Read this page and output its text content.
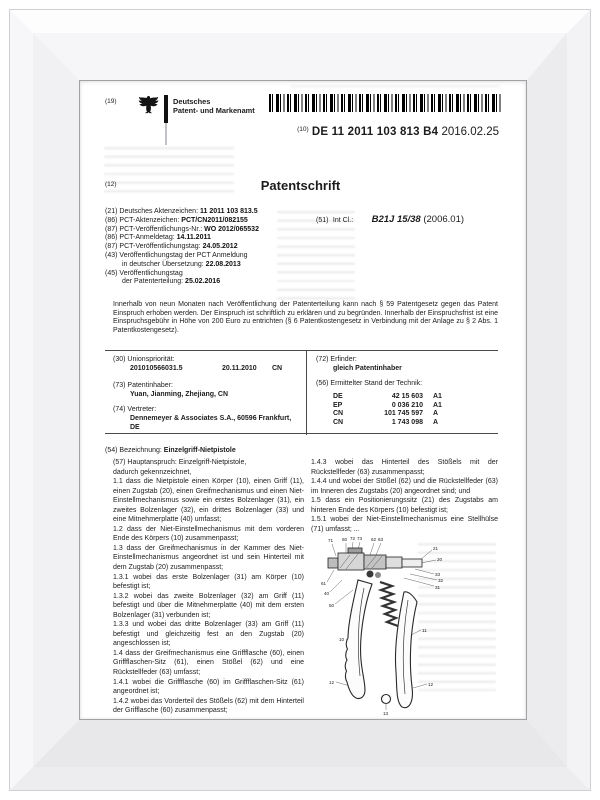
(19)	Deutsches
Patent- und Markenamt
$^{(10)}$ DE 11 2011 103 813 B4 2016.02.25
(12)	Patentschrift
(21) Deutsches Aktenzeichen: 11 2011 103 813.5
(86) PCT-Aktenzeichen: PCT/CN2011/082155
(87) PCT-Veröffentlichungs-Nr.: WO 2012/065532
(86) PCT-Anmeldetag: 14.11.2011
(87) PCT-Veröffentlichungstag: 24.05.2012
(43) Veröffentlichungstag der PCT Anmeldung
in deutscher Übersetzung: 22.08.2013
(45) Veröffentlichungstag
der Patenterteilung: 25.02.2016
(51) Int Cl.: B21J 15/38 (2006.01)
Innerhalb von neun Monaten nach Veröffentlichung der Patenterteilung kann nach § 59 Patentgesetz gegen das Patent Einspruch erhoben werden. Der Einspruch ist schriftlich zu erklären und zu begründen. Innerhalb der Einspruchsfrist ist eine Einspruchsgebühr in Höhe von 200 Euro zu entrichten (§ 6 Patentkostengesetz in Verbindung mit der Anlage zu § 2 Abs. 1 Patentkostengesetz).
(30) Unionspriorität:
201010566031.5	20.11.2010 CN
(73) Patentinhaber:
Yuan, Jianming, Zhejiang, CN
(74) Vertreter:
Dennemeyer & Associates S.A., 60596 Frankfurt,
DE
(72) Erfinder:
gleich Patentinhaber
(56) Ermittelter Stand der Technik:
DE	42 15 603 A1
EP	0 036 210 A1
CN	101 745 597 A
CN	1 743 098 A
(54) Bezeichnung: Einzelgriff-Nietpistole

(57) Hauptanspruch: Einzelgriff-Nietpistole,

dadurch gekennzeichnet,

1.1 dass die Nietpistole einen Körper (10), einen Griff (11), einen Zugstab (20), einen Greifmechanismus und einen Niet-Einstellmechanismus sowie ein erstes Bolzenlager (31), ein zweites Bolzenlager (32), ein drittes Bolzenlager (33) und eine Mitnehmerplatte (40) umfasst;

1.2 dass der Niet-Einstellmechanismus mit dem vorderen Ende des Körpers (10) zusammenpasst;

1.3 dass der Greifmechanismus in der Kammer des Niet-Einstellmechanismus angeordnet ist und sein Hinterteil mit dem Zugstab (20) zusammenpasst;

1.3.1 wobei das erste Bolzenlager (31) am Körper (10) befestigt ist;

1.3.2 wobei das zweite Bolzenlager (32) am Griff (11) befestigt und über die Mitnehmerplatte (40) mit dem ersten Bolzenlager (31) verbunden ist;

1.3.3 und wobei das dritte Bolzenlager (33) am Griff (11) befestigt und gleichzeitig fest an den Zugstab (20) angeschlossen ist;

1.4 dass der Greifmechanismus eine Griffflasche (60), einen Griffflaschen-Sitz (61), einen Stößel (62) und eine Rückstellfeder (63) umfasst;

1.4.1 wobei die Griffflasche (60) im Griffflaschen-Sitz (61) angeordnet ist;

1.4.2 wobei das Vorderteil des Stößels (62) mit dem Hinterteil der Grifflasche (60) zusammenpasst;

1.4.3 wobei das Hinterteil des Stößels mit der Rückstellfeder (63) zusammenpasst;

1.4.4 und wobei der Stößel (62) und die Rückstellfeder (63) im Inneren des Zugstabs (20) angeordnet sind; und

1.5 dass ein Positionierungssitz (21) des Zugstabs am hinteren Ende des Körpers (10) befestigt ist;

1.5.1 wobei der Niet-Einstellmechanismus eine Stellhülse (71) umfasst; ...

71 60 72 73 62 63
21
20
33
32
31
61
40
50
10
11
12	12
13
